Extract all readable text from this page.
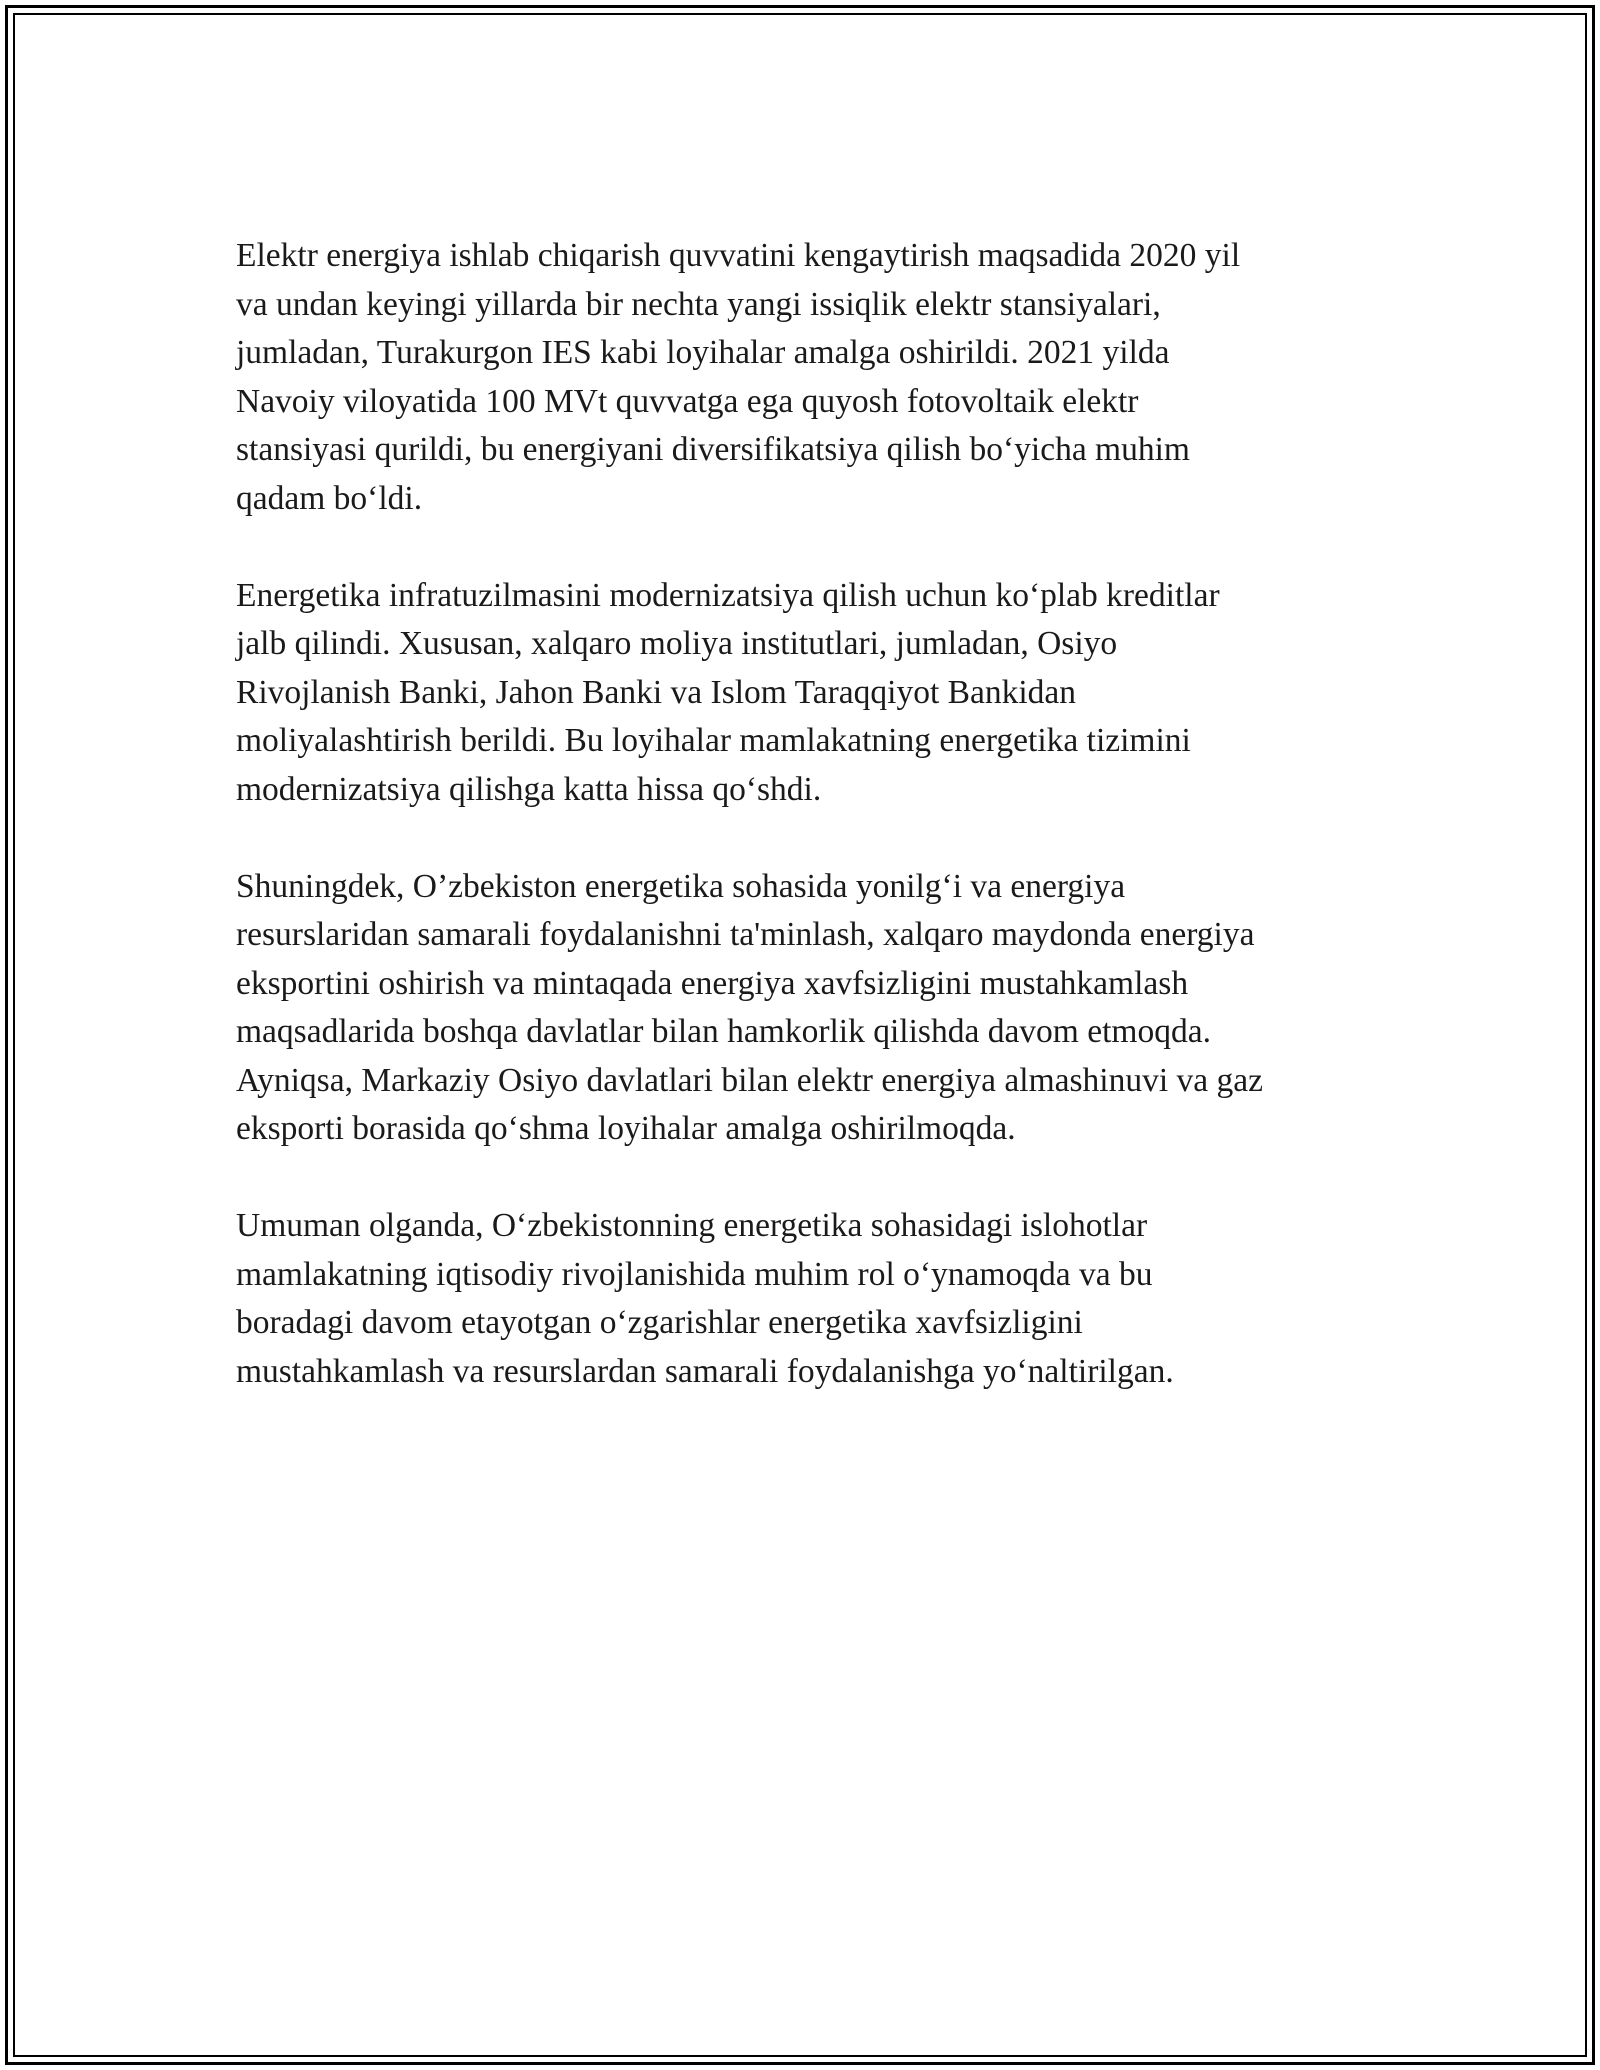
Elektr energiya ishlab chiqarish quvvatini kengaytirish maqsadida 2020 yil
va undan keyingi yillarda bir nechta yangi issiqlik elektr stansiyalari,
jumladan, Turakurgon IES kabi loyihalar amalga oshirildi. 2021 yilda
Navoiy viloyatida 100 MVt quvvatga ega quyosh fotovoltaik elektr
stansiyasi qurildi, bu energiyani diversifikatsiya qilish bo‘yicha muhim
qadam bo‘ldi.

Energetika infratuzilmasini modernizatsiya qilish uchun ko‘plab kreditlar
jalb qilindi. Xususan, xalqaro moliya institutlari, jumladan, Osiyo
Rivojlanish Banki, Jahon Banki va Islom Taraqqiyot Bankidan
moliyalashtirish berildi. Bu loyihalar mamlakatning energetika tizimini
modernizatsiya qilishga katta hissa qo‘shdi.

Shuningdek, O’zbekiston energetika sohasida yonilg‘i va energiya
resurslaridan samarali foydalanishni ta'minlash, xalqaro maydonda energiya
eksportini oshirish va mintaqada energiya xavfsizligini mustahkamlash
maqsadlarida boshqa davlatlar bilan hamkorlik qilishda davom etmoqda.
Ayniqsa, Markaziy Osiyo davlatlari bilan elektr energiya almashinuvi va gaz
eksporti borasida qo‘shma loyihalar amalga oshirilmoqda.

Umuman olganda, O‘zbekistonning energetika sohasidagi islohotlar
mamlakatning iqtisodiy rivojlanishida muhim rol o‘ynamoqda va bu
boradagi davom etayotgan o‘zgarishlar energetika xavfsizligini
mustahkamlash va resurslardan samarali foydalanishga yo‘naltirilgan.
